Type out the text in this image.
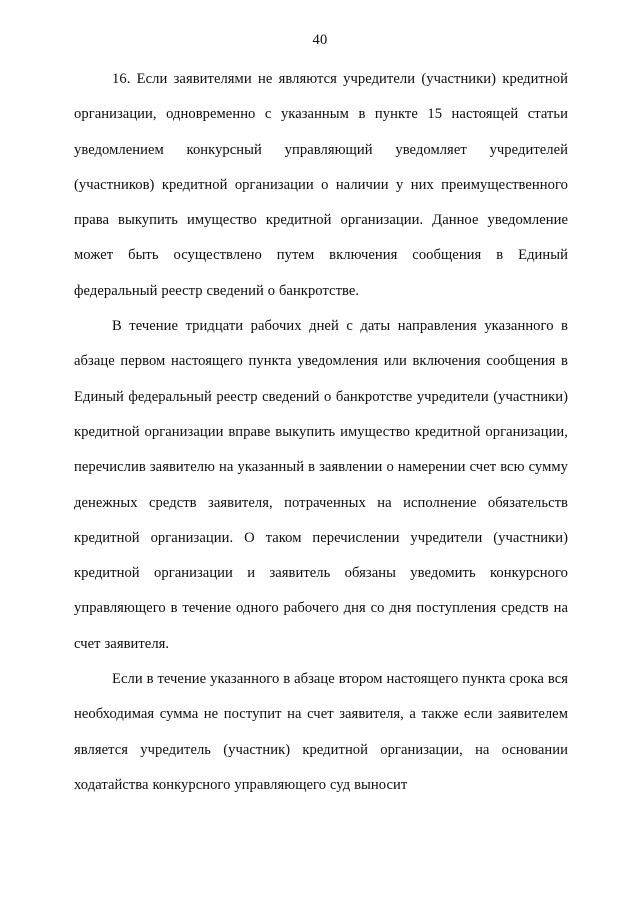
40

16. Если заявителями не являются учредители (участники) кредитной организации, одновременно с указанным в пункте 15 настоящей статьи уведомлением конкурсный управляющий уведомляет учредителей (участников) кредитной организации о наличии у них преимущественного права выкупить имущество кредитной организации. Данное уведомление может быть осуществлено путем включения сообщения в Единый федеральный реестр сведений о банкротстве.

В течение тридцати рабочих дней с даты направления указанного в абзаце первом настоящего пункта уведомления или включения сообщения в Единый федеральный реестр сведений о банкротстве учредители (участники) кредитной организации вправе выкупить имущество кредитной организации, перечислив заявителю на указанный в заявлении о намерении счет всю сумму денежных средств заявителя, потраченных на исполнение обязательств кредитной организации. О таком перечислении учредители (участники) кредитной организации и заявитель обязаны уведомить конкурсного управляющего в течение одного рабочего дня со дня поступления средств на счет заявителя.

Если в течение указанного в абзаце втором настоящего пункта срока вся необходимая сумма не поступит на счет заявителя, а также если заявителем является учредитель (участник) кредитной организации, на основании ходатайства конкурсного управляющего суд выносит
